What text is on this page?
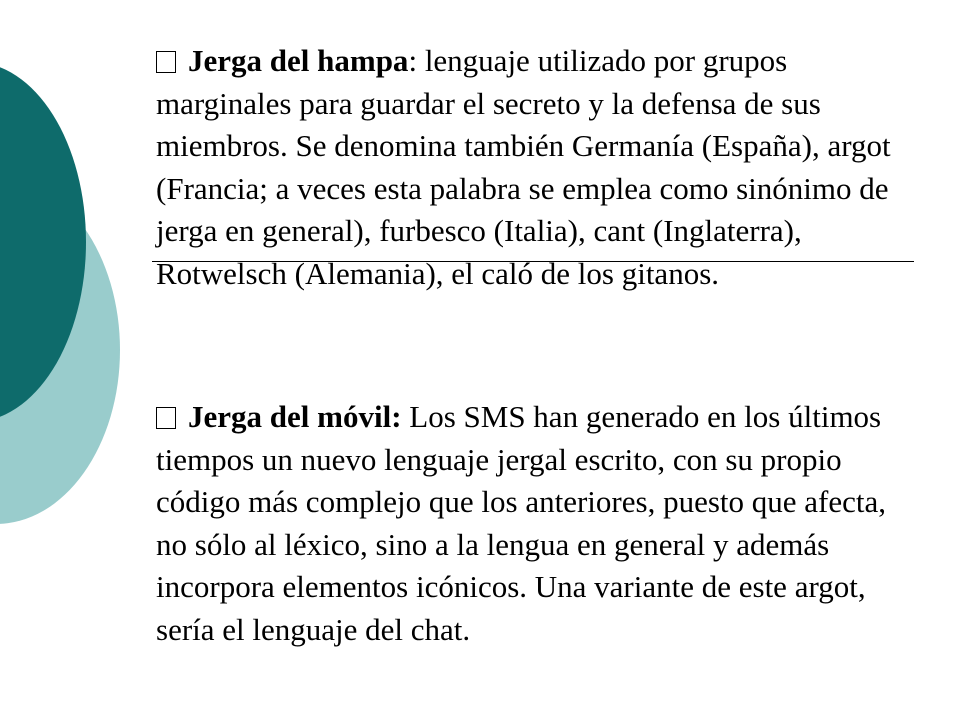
Jerga del hampa: lenguaje utilizado por grupos marginales para guardar el secreto y la defensa de sus miembros. Se denomina también Germanía (España), argot (Francia; a veces esta palabra se emplea como sinónimo de jerga en general), furbesco (Italia), cant (Inglaterra), Rotwelsch (Alemania), el caló de los gitanos.

Jerga del móvil: Los SMS han generado en los últimos tiempos un nuevo lenguaje jergal escrito, con su propio código más complejo que los anteriores, puesto que afecta, no sólo al léxico, sino a la lengua en general y además incorpora elementos icónicos. Una variante de este argot, sería el lenguaje del chat.
